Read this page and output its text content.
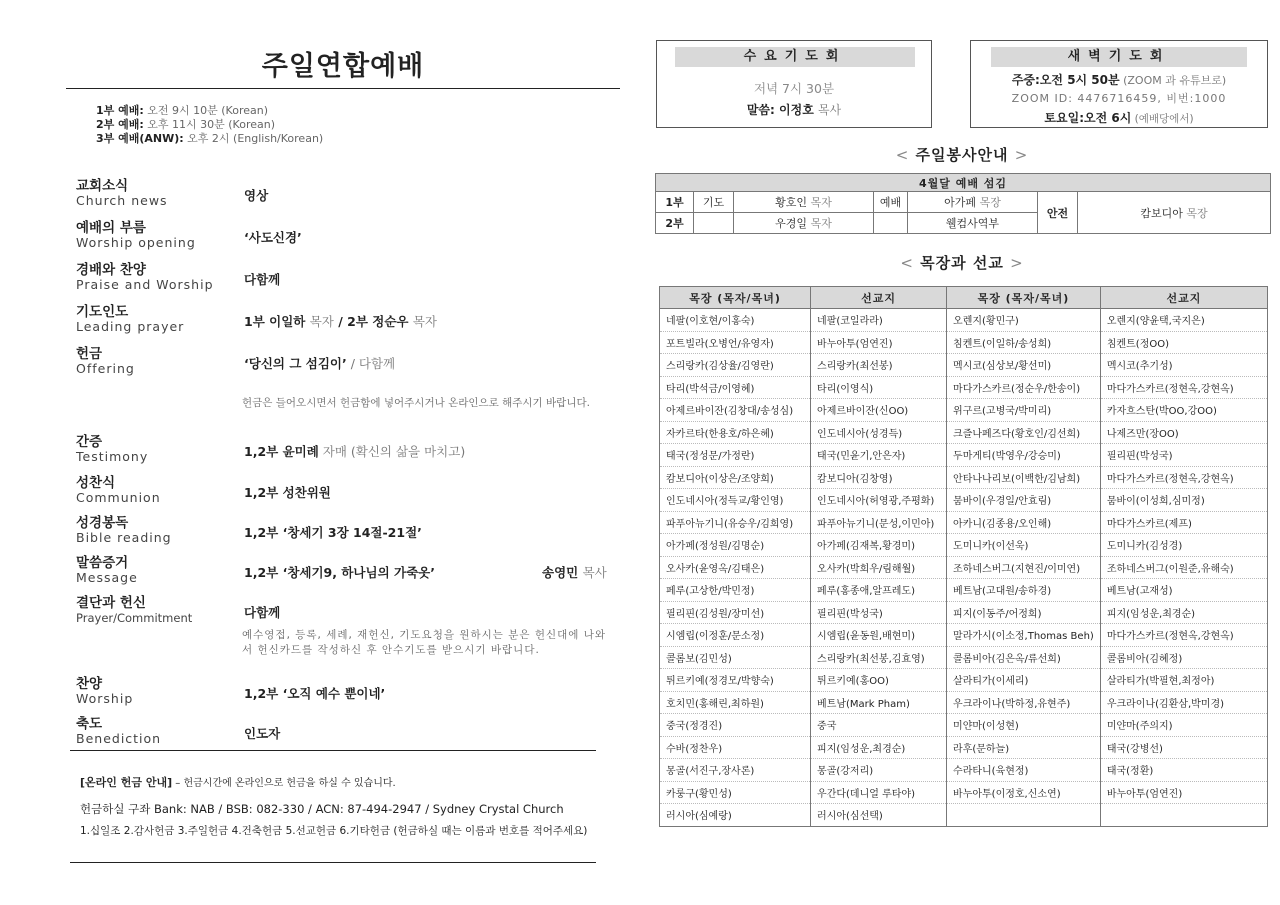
주일연합예배
1부 예배: 오전 9시 10분 (Korean)
2부 예배: 오후 11시 30분 (Korean)
3부 예배(ANW): 오후 2시 (English/Korean)
교회소식
Church news	영상
예배의 부름
Worship opening	‘사도신경’
경배와 찬양
Praise and Worship 다함께
기도인도
Leading prayer	1부 이일하 목자 / 2부 정순우 목자
헌금
Offering	‘당신의 그 섬김이’ / 다함께
헌금은 들어오시면서 헌금함에 넣어주시거나 온라인으로 해주시기 바랍니다.
간증
Testimony	1,2부 윤미례 자매 (확신의 삶을 마치고)
성찬식
Communion	1,2부 성찬위원
성경봉독
Bible reading	1,2부 ‘창세기 3장 14절-21절’
말씀증거
Message	1,2부 ‘창세기9, 하나님의 가죽옷’	송영민 목사
결단과 헌신
Prayer/Commitment	다함께
예수영접, 등록, 세례, 재헌신, 기도요청을 원하시는 분은 헌신대에 나와서 헌신카드를 작성하신 후 안수기도를 받으시기 바랍니다.
찬양
Worship	1,2부 ‘오직 예수 뿐이네’
축도
Benediction	인도자
[온라인 헌금 안내] – 헌금시간에 온라인으로 헌금을 하실 수 있습니다.
헌금하실 구좌 Bank: NAB / BSB: 082-330 / ACN: 87-494-2947 / Sydney Crystal Church
1.십일조 2.감사헌금 3.주일헌금 4.건축헌금 5.선교헌금 6.기타헌금 (헌금하실 때는 이름과 번호를 적어주세요)
수요기도회
저녁 7시 30분
말씀: 이정호 목사
새벽기도회
주중:오전 5시 50분 (ZOOM 과 유튜브로)
ZOOM ID: 4476716459, 비번:1000
토요일:오전 6시 (예배당에서)
< 주일봉사안내 >
4월달 예배 섬김						
1부	기도	황호인 목자	예배	아가페 목장	안전	캄보디아 목장
2부		우경일 목자		웰컴사역부		
< 목장과 선교 >
목장 (목자/목녀)	선교지	목장 (목자/목녀)	선교지
네팔(이호현/이홍숙)	네팔(코일라라)	오렌지(황민구)	오렌지(양윤택,국지은)
포트빌라(오병언/유영자)	바누아투(엄연진)	침켄트(이일하/송성희)	침켄트(정OO)
스리랑카(김상율/김영란)	스리랑카(최선봉)	멕시코(심상보/황선미)	멕시코(추기성)
타리(박석금/이영혜)	타리(이영식)	마다가스카르(정순우/한송이)	마다가스카르(정현옥,강현옥)
아제르바이잔(김창대/송성심)	아제르바이잔(신OO)	위구르(고병국/박미리)	카자흐스탄(박OO,강OO)
자카르타(한용호/하은혜)	인도네시아(성경득)	크즐나페즈다(황호인/김선희)	나제즈만(장OO)
태국(정성문/가정란)	태국(민윤기,안은자)	두마게티(박영우/강승미)	필리핀(박성국)
캄보디아(이상은/조양희)	캄보디아(김창영)	안타나나리보(이백한/김남희)	마다가스카르(정현옥,강현옥)
인도네시아(정득교/황인영)	인도네시아(허영광,주평화)	뭄바이(우경일/안효림)	뭄바이(이성희,심미정)
파푸아뉴기니(유승우/김희영)	파푸아뉴기니(문성,이민아)	아카니(김종용/오인해)	마다가스카르(제프)
아가페(정성원/김명순)	아가페(김재복,황경미)	도미니카(이선욱)	도미니카(김성경)
오사카(윤영옥/김태은)	오사카(박희우/림해월)	조하네스버그(지현진/이미연)	조하네스버그(이원준,유해숙)
페루(고상한/박민정)	페루(홍종애,알프레도)	베트남(고대원/송하경)	베트남(고재성)
필리핀(김성원/장미선)	필리핀(박성국)	피지(이동주/어정희)	피지(임성운,최경순)
시엠립(이정훈/문소정)	시엠립(윤동원,배현미)	말라가시(이소정,Thomas Beh)	마다가스카르(정현옥,강현옥)
콜롬보(김민성)	스리랑카(최선봉,김효영)	콜롬비아(김은옥/류선희)	콜롬비아(김혜정)
튀르키예(정경모/박향숙)	튀르키예(홍OO)	살라티가(이세리)	살라티가(박필현,최정아)
호치민(홍해린,최하원)	베트남(Mark Pham)	우크라이나(박하정,유현주)	우크라이나(김환삼,박미경)
중국(정경진)	중국	미얀마(이성현)	미얀마(주의지)
수바(정찬우)	피지(임성운,최경순)	라후(문하늘)	태국(강병선)
몽골(서진구,장사론)	몽골(강저리)	수라타니(육현정)	태국(정환)
카룽구(황민성)	우간다(데니얼 루타야)	바누아투(이정호,신소연)	바누아투(엄연진)
러시아(심예랑)	러시아(심선택)		
